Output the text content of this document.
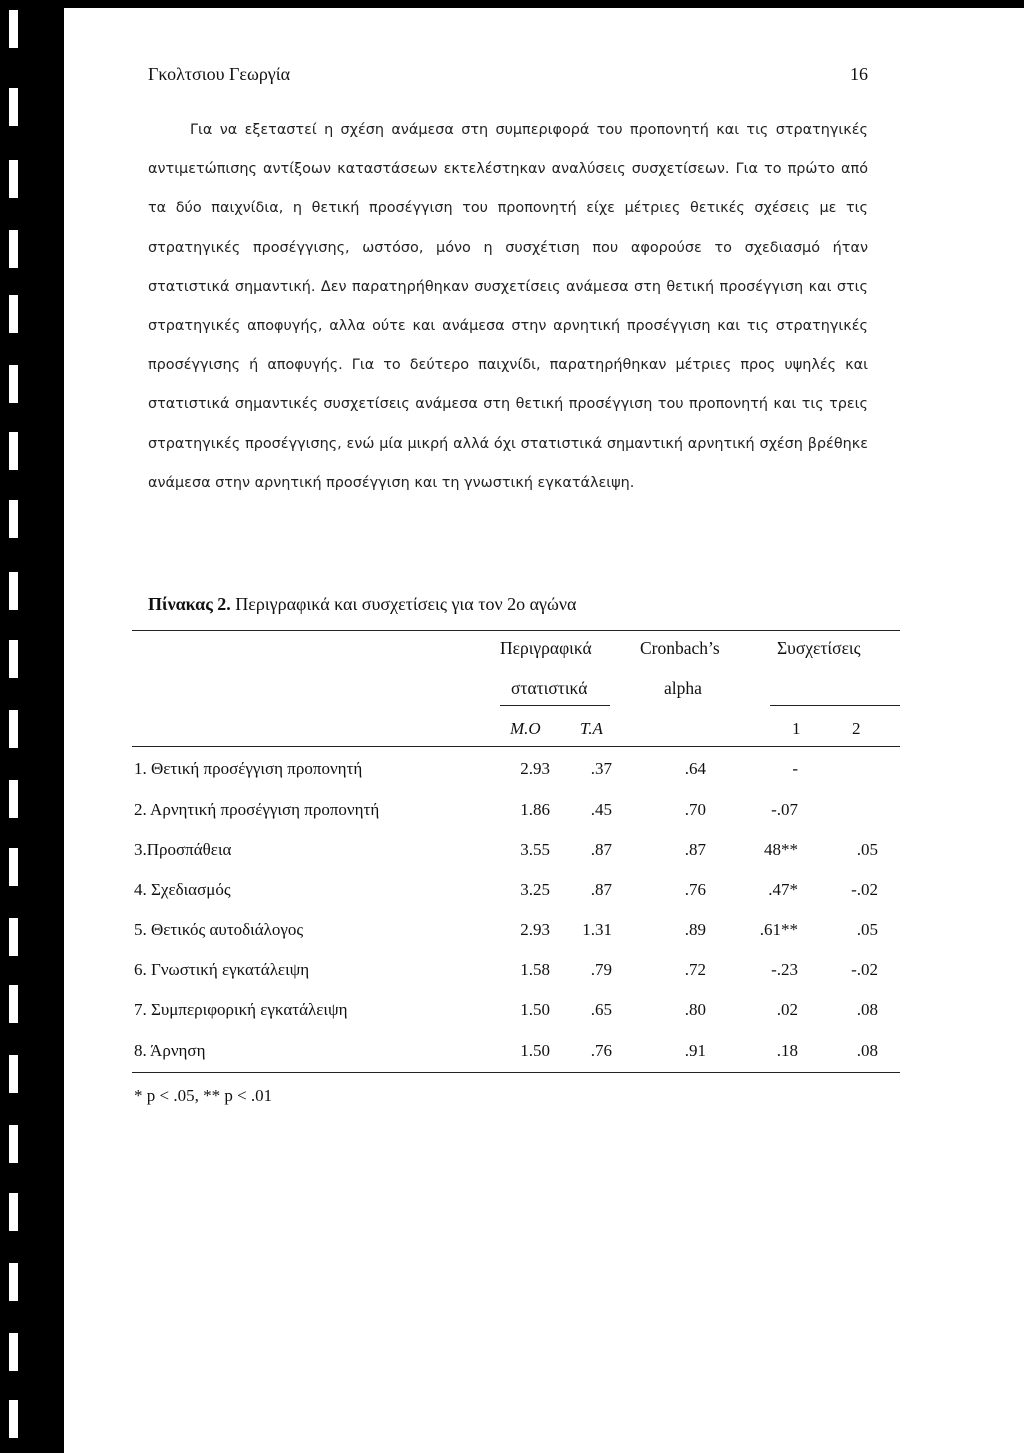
Γκολτσιου Γεωργία	16

Για να εξεταστεί η σχέση ανάμεσα στη συμπεριφορά του προπονητή και τις στρατηγικές αντιμετώπισης αντίξοων καταστάσεων εκτελέστηκαν αναλύσεις συσχετίσεων. Για το πρώτο από τα δύο παιχνίδια, η θετική προσέγγιση του προπονητή είχε μέτριες θετικές σχέσεις με τις στρατηγικές προσέγγισης, ωστόσο, μόνο η συσχέτιση που αφορούσε το σχεδιασμό ήταν στατιστικά σημαντική. Δεν παρατηρήθηκαν συσχετίσεις ανάμεσα στη θετική προσέγγιση και στις στρατηγικές αποφυγής, αλλα ούτε και ανάμεσα στην αρνητική προσέγγιση και τις στρατηγικές προσέγγισης ή αποφυγής. Για το δεύτερο παιχνίδι, παρατηρήθηκαν μέτριες προς υψηλές και στατιστικά σημαντικές συσχετίσεις ανάμεσα στη θετική προσέγγιση του προπονητή και τις τρεις στρατηγικές προσέγγισης, ενώ μία μικρή αλλά όχι στατιστικά σημαντική αρνητική σχέση βρέθηκε ανάμεσα στην αρνητική προσέγγιση και τη γνωστική εγκατάλειψη.

Πίνακας 2. Περιγραφικά και συσχετίσεις για τον 2ο αγώνα
Περιγραφικά
στατιστικά
Cronbach’s
alpha
Συσχετίσεις
Μ.Ο Τ.Α	1	2
1. Θετική προσέγγιση προπονητή	2.93	.37	.64	-
2. Αρνητική προσέγγιση προπονητή	1.86	.45	.70	-.07
3.Προσπάθεια	3.55	.87	.87	48**	.05
4. Σχεδιασμός	3.25	.87	.76	.47*	-.02
5. Θετικός αυτοδιάλογος	2.93	1.31	.89	.61**	.05
6. Γνωστική εγκατάλειψη	1.58	.79	.72	-.23	-.02
7. Συμπεριφορική εγκατάλειψη	1.50	.65	.80	.02	.08
8. Άρνηση	1.50	.76	.91	.18	.08
* p < .05, ** p < .01
